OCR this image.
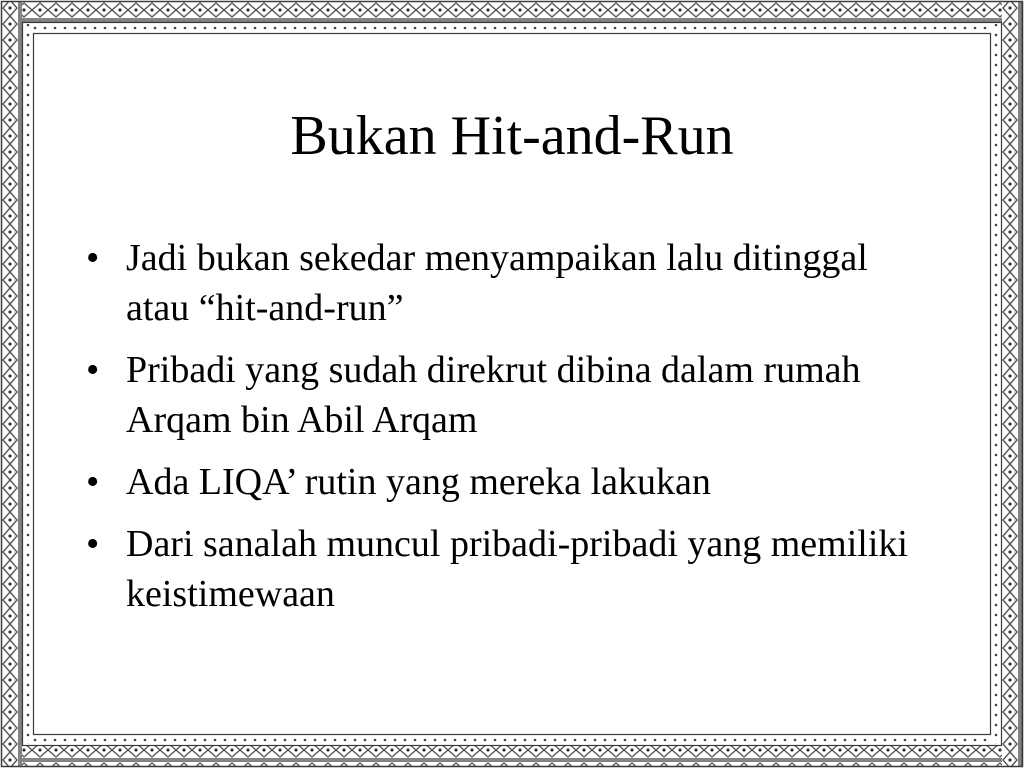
Bukan Hit-and-Run
• Jadi bukan sekedar menyampaikan lalu ditinggal atau “hit-and-run”
• Pribadi yang sudah direkrut dibina dalam rumah Arqam bin Abil Arqam
• Ada LIQA’ rutin yang mereka lakukan
• Dari sanalah muncul pribadi-pribadi yang memiliki keistimewaan
